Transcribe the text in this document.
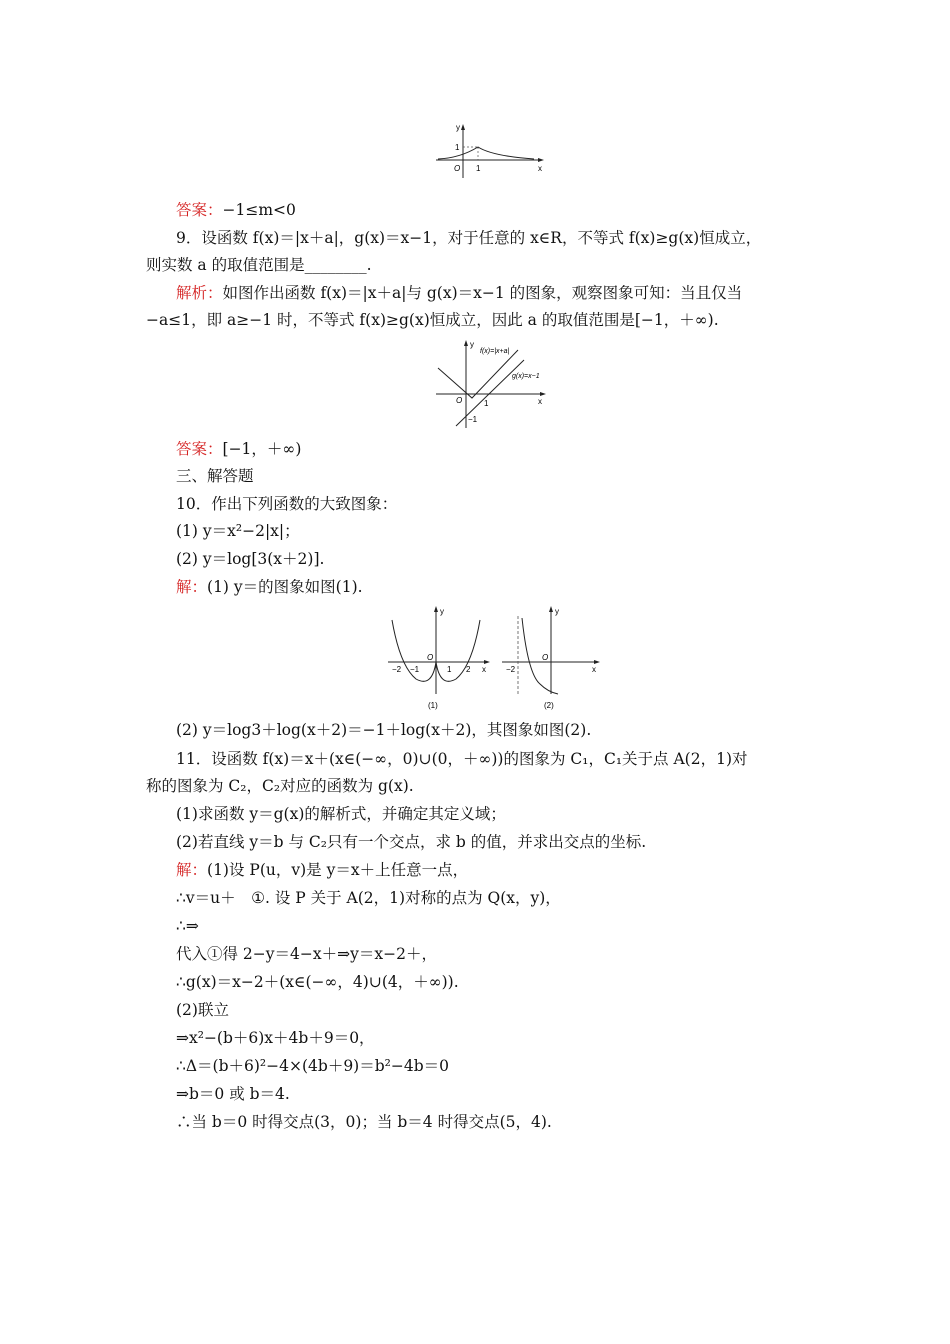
y
x
O 1
1
答案：−1≤m<0
9．设函数 f(x)＝|x＋a|，g(x)＝x−1，对于任意的 x∈R，不等式 f(x)≥g(x)恒成立，
则实数 a 的取值范围是________.
解析：如图作出函数 f(x)＝|x＋a|与 g(x)＝x−1 的图象，观察图象可知：当且仅当
−a≤1，即 a≥−1 时，不等式 f(x)≥g(x)恒成立，因此 a 的取值范围是[−1，＋∞).
y
x
O	1
−1
f(x)=|x+a|
g(x)=x−1
答案：[−1，＋∞)
三、解答题
10．作出下列函数的大致图象：
(1) y＝x²−2|x|；
(2) y＝log[3(x＋2)].
解：(1) y＝的图象如图(1).
y
x
O
−2 −1	1 2
(1)
y
x
O
−2
(2)
(2) y＝log3＋log(x＋2)＝−1＋log(x＋2)，其图象如图(2).
11．设函数 f(x)＝x＋(x∈(−∞，0)∪(0，＋∞))的图象为 C₁，C₁关于点 A(2，1)对
称的图象为 C₂，C₂对应的函数为 g(x).
(1)求函数 y＝g(x)的解析式，并确定其定义域；
(2)若直线 y＝b 与 C₂只有一个交点，求 b 的值，并求出交点的坐标.
解：(1)设 P(u，v)是 y＝x＋上任意一点，
∴v＝u＋　①. 设 P 关于 A(2，1)对称的点为 Q(x，y)，
∴⇒
代入①得 2−y＝4−x＋⇒y＝x−2＋，
∴g(x)＝x−2＋(x∈(−∞，4)∪(4，＋∞)).
(2)联立
⇒x²−(b＋6)x＋4b＋9＝0，
∴Δ＝(b＋6)²−4×(4b＋9)＝b²−4b＝0
⇒b＝0 或 b＝4.
∴当 b＝0 时得交点(3，0)；当 b＝4 时得交点(5，4).
